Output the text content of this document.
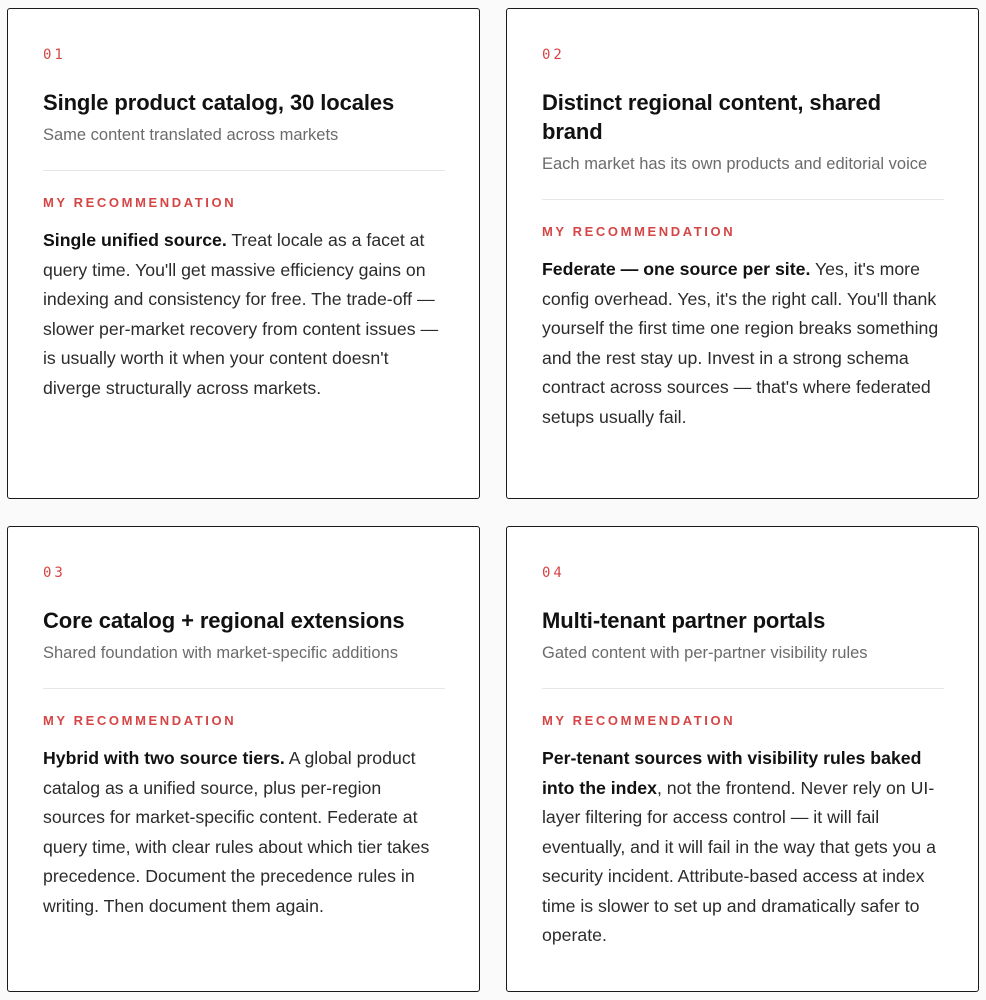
01
Single product catalog, 30 locales
Same content translated across markets
MY RECOMMENDATION

Single unified source. Treat locale as a facet at query time. You'll get massive efficiency gains on indexing and consistency for free. The trade-off — slower per-market recovery from content issues — is usually worth it when your content doesn't diverge structurally across markets.

02
Distinct regional content, shared brand
Each market has its own products and editorial voice
MY RECOMMENDATION

Federate — one source per site. Yes, it's more config overhead. Yes, it's the right call. You'll thank yourself the first time one region breaks something and the rest stay up. Invest in a strong schema contract across sources — that's where federated setups usually fail.

03
Core catalog + regional extensions
Shared foundation with market-specific additions
MY RECOMMENDATION

Hybrid with two source tiers. A global product catalog as a unified source, plus per-region sources for market-specific content. Federate at query time, with clear rules about which tier takes precedence. Document the precedence rules in writing. Then document them again.

04
Multi-tenant partner portals
Gated content with per-partner visibility rules
MY RECOMMENDATION

Per-tenant sources with visibility rules baked into the index, not the frontend. Never rely on UI-layer filtering for access control — it will fail eventually, and it will fail in the way that gets you a security incident. Attribute-based access at index time is slower to set up and dramatically safer to operate.
